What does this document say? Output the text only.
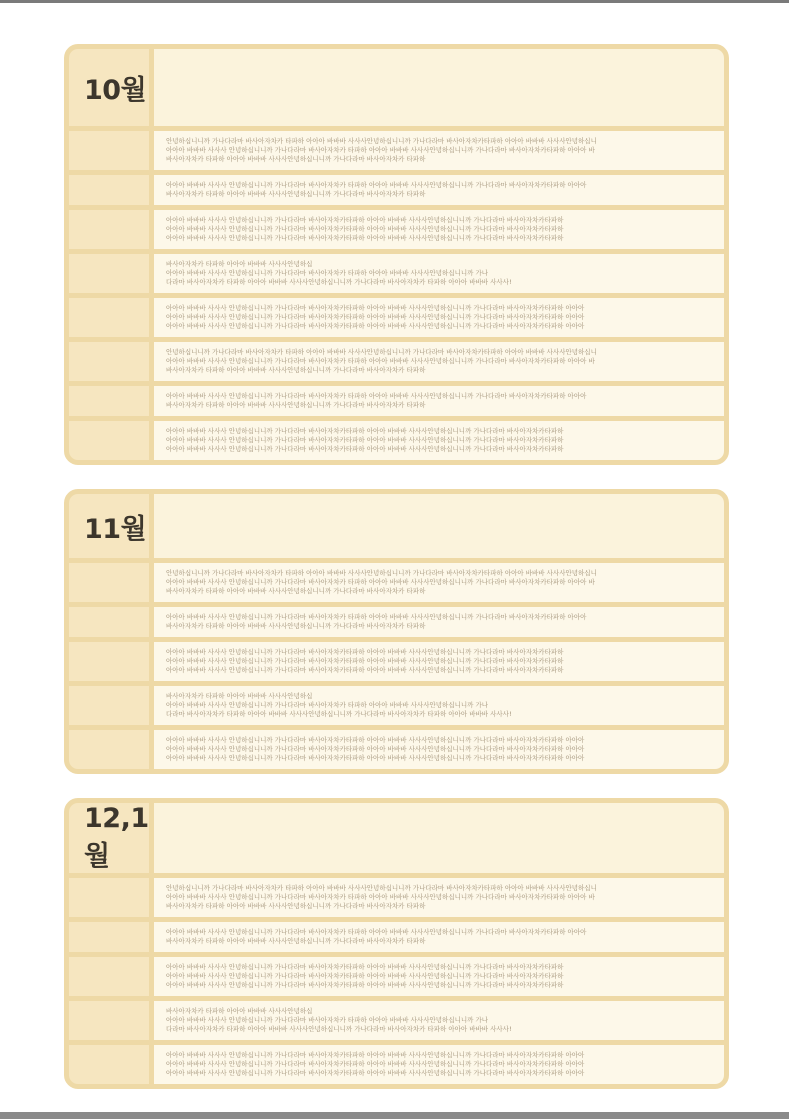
10월
안녕하십니니까 가나다라마 바사아자차카 타파하 아아아 바바바 사사사안녕하십니니까 가나다라마 바사아자차카타파하 아아아 바바바 사사사안녕하십니
아아아 바바바 사사사 안녕하십니니까 가나다라마 바사아자차카 타파하 아아아 바바바 사사사안녕하십니니까 가나다라마 바사아자차카타파하 아아아 바
바사아자차카 타파하 아아아 바바바 사사사안녕하십니니까 가나다라마 바사아자차카 타파하
아아아 바바바 사사사 안녕하십니니까 가나다라마 바사아자차카 타파하 아아아 바바바 사사사안녕하십니니까 가나다라마 바사아자차카타파하 아아아
바사아자차카 타파하 아아아 바바바 사사사안녕하십니니까 가나다라마 바사아자차카 타파하
아아아 바바바 사사사 안녕하십니니까 가나다라마 바사아자차카타파하 아아아 바바바 사사사안녕하십니니까 가나다라마 바사아자차카타파하
아아아 바바바 사사사 안녕하십니니까 가나다라마 바사아자차카타파하 아아아 바바바 사사사안녕하십니니까 가나다라마 바사아자차카타파하
아아아 바바바 사사사 안녕하십니니까 가나다라마 바사아자차카타파하 아아아 바바바 사사사안녕하십니니까 가나다라마 바사아자차카타파하
바사아자차카 타파하 아아아 바바바 사사사안녕하십
아아아 바바바 사사사 안녕하십니니까 가나다라마 바사아자차카 타파하 아아아 바바바 사사사안녕하십니니까 가나
다라마 바사아자차카 타파하 아아아 바바바 사사사안녕하십니니까 가나다라마 바사아자차카 타파하 아아아 바바바 사사사!
아아아 바바바 사사사 안녕하십니니까 가나다라마 바사아자차카타파하 아아아 바바바 사사사안녕하십니니까 가나다라마 바사아자차카타파하 아아아
아아아 바바바 사사사 안녕하십니니까 가나다라마 바사아자차카타파하 아아아 바바바 사사사안녕하십니니까 가나다라마 바사아자차카타파하 아아아
아아아 바바바 사사사 안녕하십니니까 가나다라마 바사아자차카타파하 아아아 바바바 사사사안녕하십니니까 가나다라마 바사아자차카타파하 아아아
안녕하십니니까 가나다라마 바사아자차카 타파하 아아아 바바바 사사사안녕하십니니까 가나다라마 바사아자차카타파하 아아아 바바바 사사사안녕하십니
아아아 바바바 사사사 안녕하십니니까 가나다라마 바사아자차카 타파하 아아아 바바바 사사사안녕하십니니까 가나다라마 바사아자차카타파하 아아아 바
바사아자차카 타파하 아아아 바바바 사사사안녕하십니니까 가나다라마 바사아자차카 타파하
아아아 바바바 사사사 안녕하십니니까 가나다라마 바사아자차카 타파하 아아아 바바바 사사사안녕하십니니까 가나다라마 바사아자차카타파하 아아아
바사아자차카 타파하 아아아 바바바 사사사안녕하십니니까 가나다라마 바사아자차카 타파하
아아아 바바바 사사사 안녕하십니니까 가나다라마 바사아자차카타파하 아아아 바바바 사사사안녕하십니니까 가나다라마 바사아자차카타파하
아아아 바바바 사사사 안녕하십니니까 가나다라마 바사아자차카타파하 아아아 바바바 사사사안녕하십니니까 가나다라마 바사아자차카타파하
아아아 바바바 사사사 안녕하십니니까 가나다라마 바사아자차카타파하 아아아 바바바 사사사안녕하십니니까 가나다라마 바사아자차카타파하
11월
안녕하십니니까 가나다라마 바사아자차카 타파하 아아아 바바바 사사사안녕하십니니까 가나다라마 바사아자차카타파하 아아아 바바바 사사사안녕하십니
아아아 바바바 사사사 안녕하십니니까 가나다라마 바사아자차카 타파하 아아아 바바바 사사사안녕하십니니까 가나다라마 바사아자차카타파하 아아아 바
바사아자차카 타파하 아아아 바바바 사사사안녕하십니니까 가나다라마 바사아자차카 타파하
아아아 바바바 사사사 안녕하십니니까 가나다라마 바사아자차카 타파하 아아아 바바바 사사사안녕하십니니까 가나다라마 바사아자차카타파하 아아아
바사아자차카 타파하 아아아 바바바 사사사안녕하십니니까 가나다라마 바사아자차카 타파하
아아아 바바바 사사사 안녕하십니니까 가나다라마 바사아자차카타파하 아아아 바바바 사사사안녕하십니니까 가나다라마 바사아자차카타파하
아아아 바바바 사사사 안녕하십니니까 가나다라마 바사아자차카타파하 아아아 바바바 사사사안녕하십니니까 가나다라마 바사아자차카타파하
아아아 바바바 사사사 안녕하십니니까 가나다라마 바사아자차카타파하 아아아 바바바 사사사안녕하십니니까 가나다라마 바사아자차카타파하
바사아자차카 타파하 아아아 바바바 사사사안녕하십
아아아 바바바 사사사 안녕하십니니까 가나다라마 바사아자차카 타파하 아아아 바바바 사사사안녕하십니니까 가나
다라마 바사아자차카 타파하 아아아 바바바 사사사안녕하십니니까 가나다라마 바사아자차카 타파하 아아아 바바바 사사사!
아아아 바바바 사사사 안녕하십니니까 가나다라마 바사아자차카타파하 아아아 바바바 사사사안녕하십니니까 가나다라마 바사아자차카타파하 아아아
아아아 바바바 사사사 안녕하십니니까 가나다라마 바사아자차카타파하 아아아 바바바 사사사안녕하십니니까 가나다라마 바사아자차카타파하 아아아
아아아 바바바 사사사 안녕하십니니까 가나다라마 바사아자차카타파하 아아아 바바바 사사사안녕하십니니까 가나다라마 바사아자차카타파하 아아아
12,1월
안녕하십니니까 가나다라마 바사아자차카 타파하 아아아 바바바 사사사안녕하십니니까 가나다라마 바사아자차카타파하 아아아 바바바 사사사안녕하십니
아아아 바바바 사사사 안녕하십니니까 가나다라마 바사아자차카 타파하 아아아 바바바 사사사안녕하십니니까 가나다라마 바사아자차카타파하 아아아 바
바사아자차카 타파하 아아아 바바바 사사사안녕하십니니까 가나다라마 바사아자차카 타파하
아아아 바바바 사사사 안녕하십니니까 가나다라마 바사아자차카 타파하 아아아 바바바 사사사안녕하십니니까 가나다라마 바사아자차카타파하 아아아
바사아자차카 타파하 아아아 바바바 사사사안녕하십니니까 가나다라마 바사아자차카 타파하
아아아 바바바 사사사 안녕하십니니까 가나다라마 바사아자차카타파하 아아아 바바바 사사사안녕하십니니까 가나다라마 바사아자차카타파하
아아아 바바바 사사사 안녕하십니니까 가나다라마 바사아자차카타파하 아아아 바바바 사사사안녕하십니니까 가나다라마 바사아자차카타파하
아아아 바바바 사사사 안녕하십니니까 가나다라마 바사아자차카타파하 아아아 바바바 사사사안녕하십니니까 가나다라마 바사아자차카타파하
바사아자차카 타파하 아아아 바바바 사사사안녕하십
아아아 바바바 사사사 안녕하십니니까 가나다라마 바사아자차카 타파하 아아아 바바바 사사사안녕하십니니까 가나
다라마 바사아자차카 타파하 아아아 바바바 사사사안녕하십니니까 가나다라마 바사아자차카 타파하 아아아 바바바 사사사!
아아아 바바바 사사사 안녕하십니니까 가나다라마 바사아자차카타파하 아아아 바바바 사사사안녕하십니니까 가나다라마 바사아자차카타파하 아아아
아아아 바바바 사사사 안녕하십니니까 가나다라마 바사아자차카타파하 아아아 바바바 사사사안녕하십니니까 가나다라마 바사아자차카타파하 아아아
아아아 바바바 사사사 안녕하십니니까 가나다라마 바사아자차카타파하 아아아 바바바 사사사안녕하십니니까 가나다라마 바사아자차카타파하 아아아
